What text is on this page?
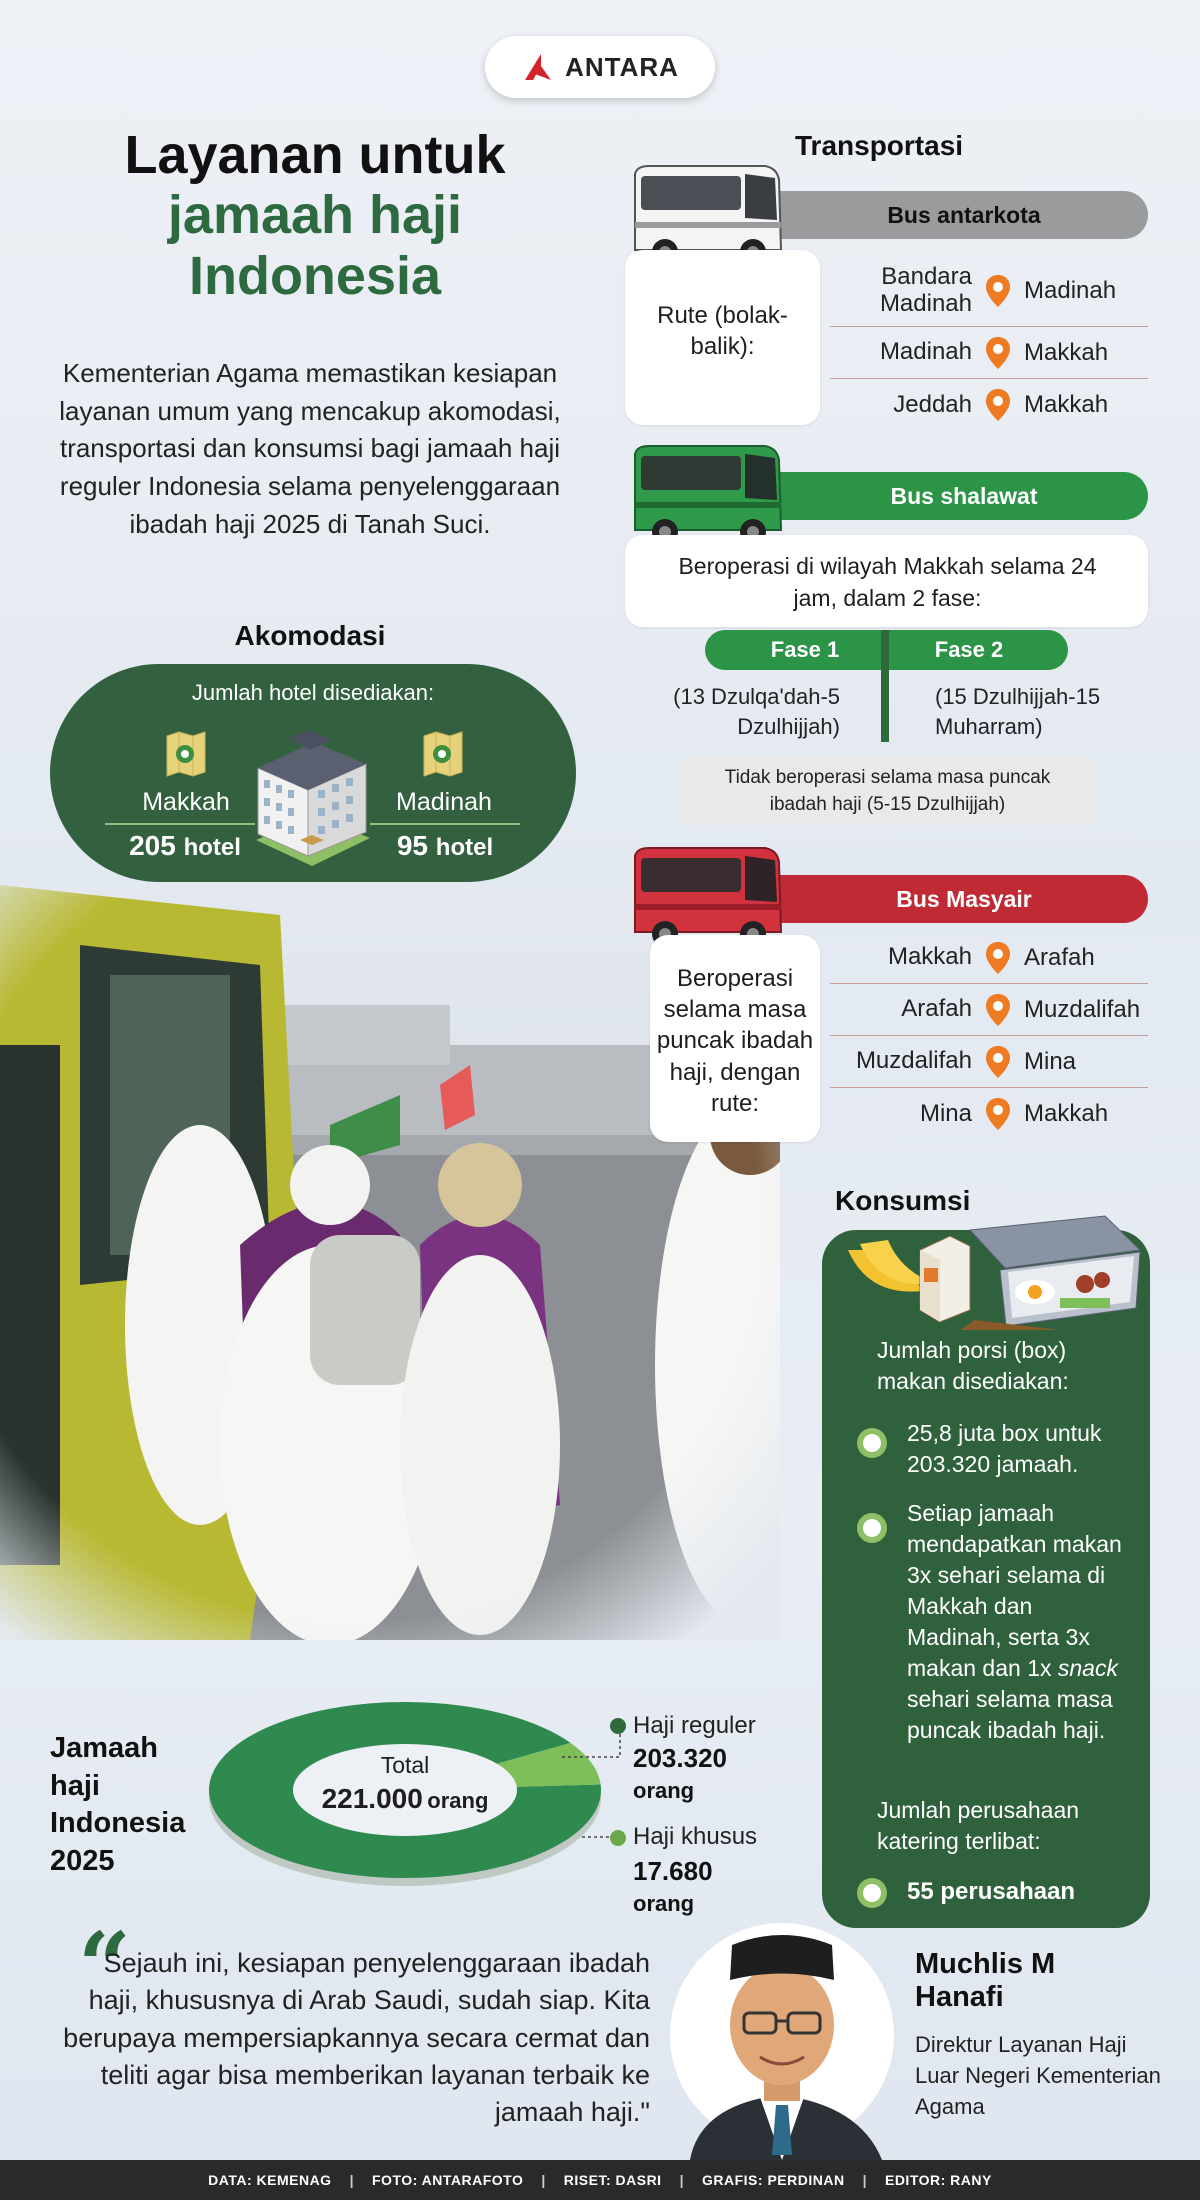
ANTARA
Layanan untuk
jamaah haji
Indonesia
Kementerian Agama memastikan kesiapan layanan umum yang mencakup akomodasi, transportasi dan konsumsi bagi jamaah haji reguler Indonesia selama penyelenggaraan ibadah haji 2025 di Tanah Suci.
Akomodasi
Jumlah hotel disediakan:
Makkah	Madinah
205 hotel	95 hotel
Transportasi
Bus antarkota
Rute (bolak-balik):
Bandara Madinah	Madinah
Madinah	Makkah
Jeddah	Makkah
Bus shalawat
Beroperasi di wilayah Makkah selama 24 jam, dalam 2 fase:
Fase 1	Fase 2
(13 Dzulqa'dah-5 Dzulhijjah)
(15 Dzulhijjah-15 Muharram)
Tidak beroperasi selama masa puncak ibadah haji (5-15 Dzulhijjah)
Bus Masyair
Beroperasi selama masa puncak ibadah haji, dengan rute:
Makkah	Arafah
Arafah	Muzdalifah
Muzdalifah	Mina
Mina	Makkah
Konsumsi
Jumlah porsi (box) makan disediakan:
25,8 juta box untuk 203.320 jamaah.
Setiap jamaah mendapatkan makan 3x sehari selama di Makkah dan Madinah, serta 3x makan dan 1x snack sehari selama masa puncak ibadah haji.
Jumlah perusahaan katering terlibat:
55 perusahaan
Jamaah haji Indonesia 2025
Total
221.000 orang
Haji reguler
203.320
orang
Haji khusus
17.680
orang
“
Sejauh ini, kesiapan penyelenggaraan ibadah haji, khususnya di Arab Saudi, sudah siap. Kita berupaya mempersiapkannya secara cermat dan teliti agar bisa memberikan layanan terbaik ke jamaah haji."
Muchlis M Hanafi
Direktur Layanan Haji Luar Negeri Kementerian Agama
DATA: KEMENAG | FOTO: ANTARAFOTO | RISET: DASRI | GRAFIS: PERDINAN | EDITOR: RANY
